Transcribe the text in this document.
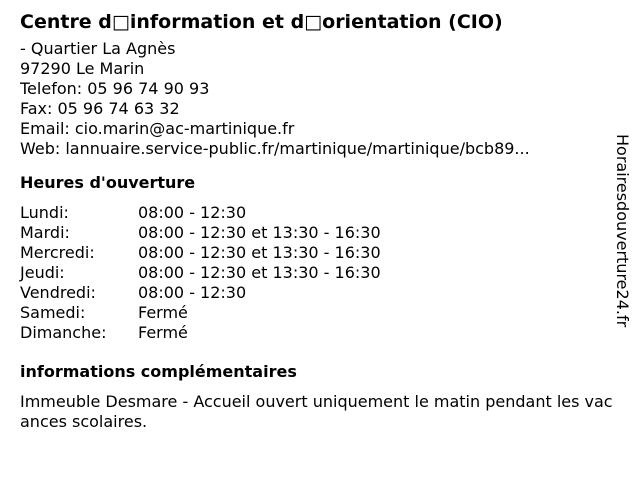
Centre d□information et d□orientation (CIO)
- Quartier La Agnès
97290 Le Marin
Telefon: 05 96 74 90 93
Fax: 05 96 74 63 32
Email: cio.marin@ac-martinique.fr
Web: lannuaire.service-public.fr/martinique/martinique/bcb89...
Heures d'ouverture
Lundi:	08:00 - 12:30
Mardi:	08:00 - 12:30 et 13:30 - 16:30
Mercredi:	08:00 - 12:30 et 13:30 - 16:30
Jeudi:	08:00 - 12:30 et 13:30 - 16:30
Vendredi:	08:00 - 12:30
Samedi:	Fermé
Dimanche:	Fermé
informations complémentaires
Immeuble Desmare - Accueil ouvert uniquement le matin pendant les vacances scolaires.
Horairesdouverture24.fr
